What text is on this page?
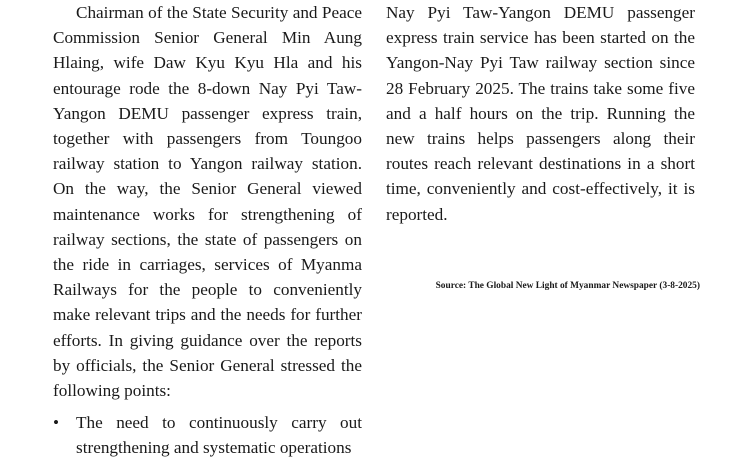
Chairman of the State Security and Peace Commission Senior General Min Aung Hlaing, wife Daw Kyu Kyu Hla and his entourage rode the 8-down Nay Pyi Taw-Yangon DEMU passenger express train, together with passengers from Toungoo railway station to Yangon railway station. On the way, the Senior General viewed maintenance works for strengthening of railway sections, the state of passengers on the ride in carriages, services of Myanma Railways for the people to conveniently make relevant trips and the needs for further efforts. In giving guidance over the reports by officials, the Senior General stressed the following points:

• The need to continuously carry out strengthening and systematic operations

Nay Pyi Taw-Yangon DEMU passenger express train service has been started on the Yangon-Nay Pyi Taw railway section since 28 February 2025. The trains take some five and a half hours on the trip. Running the new trains helps passengers along their routes reach relevant destinations in a short time, conveniently and cost-effectively, it is reported.

Source: The Global New Light of Myanmar Newspaper (3-8-2025)
